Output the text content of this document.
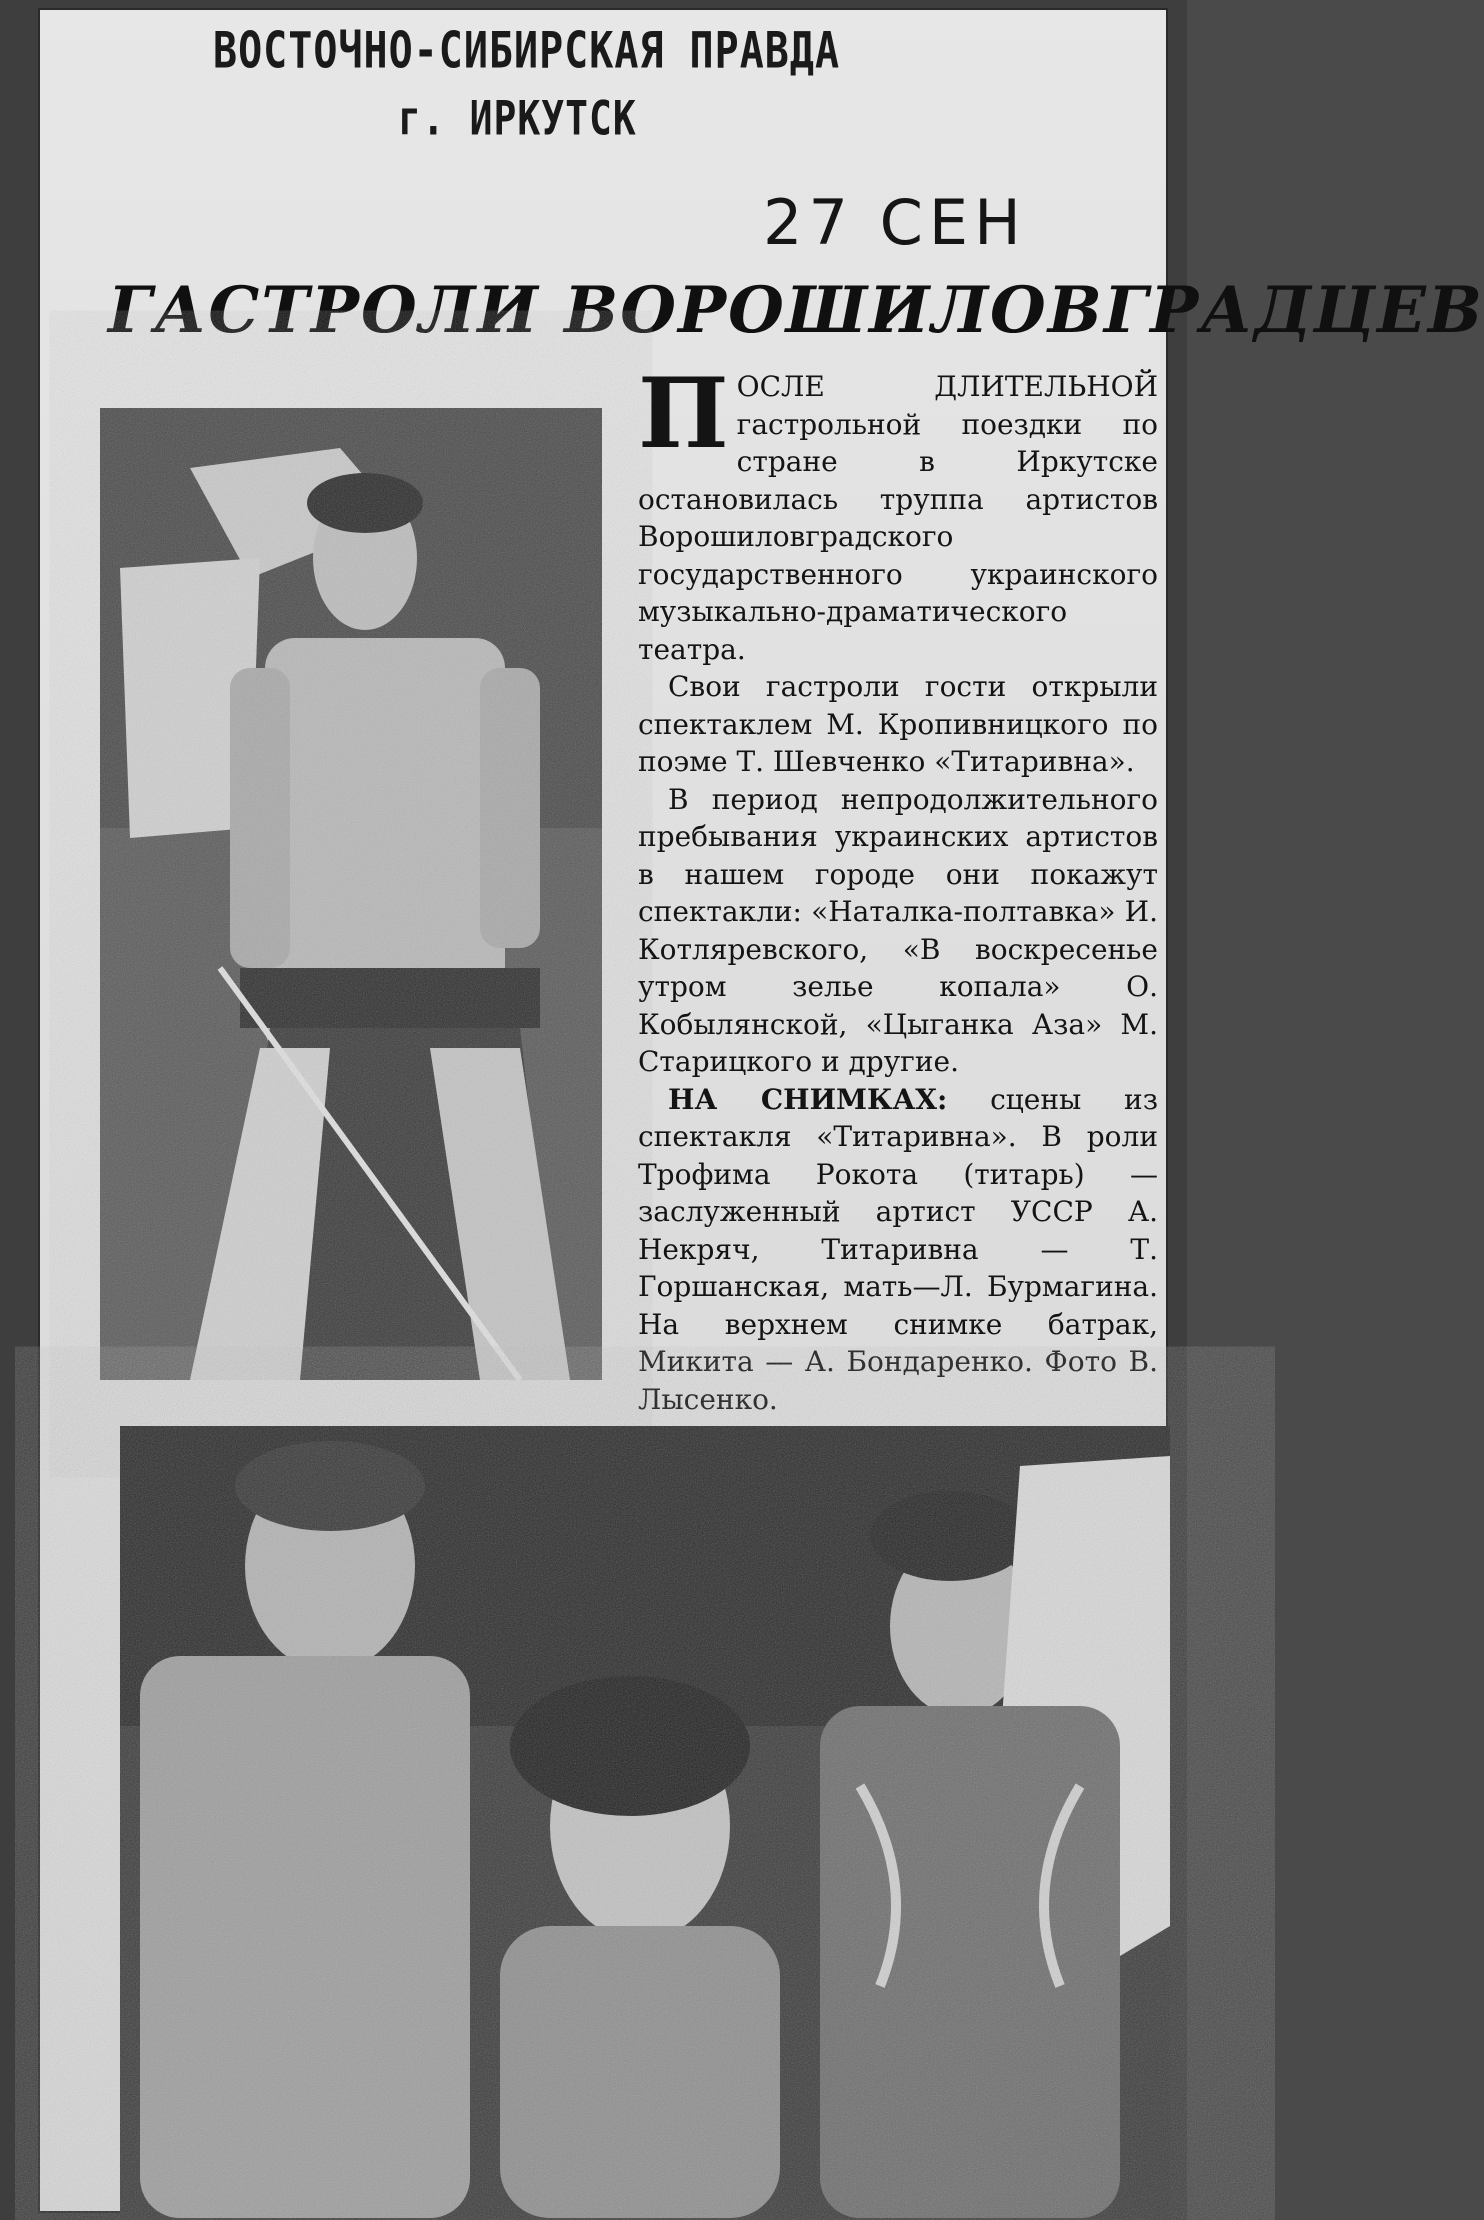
ВОСТОЧНО-СИБИРСКАЯ ПРАВДА
г. ИРКУТСК
27 СЕН
ГАСТРОЛИ ВОРОШИЛОВГРАДЦЕВ

ПОСЛЕ ДЛИТЕЛЬНОЙ гастрольной поездки по стране в Иркутске остановилась труппа артистов Ворошиловградского государственного украинского музыкально-драматического театра.

Свои гастроли гости открыли спектаклем М. Кропивницкого по поэме Т. Шевченко «Титаривна».

В период непродолжительного пребывания украинских артистов в нашем городе они покажут спектакли: «Наталка-полтавка» И. Котляревского, «В воскресенье утром зелье копала» О. Кобылянской, «Цыганка Аза» М. Старицкого и другие.

НА СНИМКАХ: сцены из спектакля «Титаривна». В роли Трофима Рокота (титарь) — заслуженный артист УССР А. Некряч, Титаривна — Т. Горшанская, мать—Л. Бурмагина. На верхнем снимке батрак, Микита — А. Бондаренко. Фото В. Лысенко.
